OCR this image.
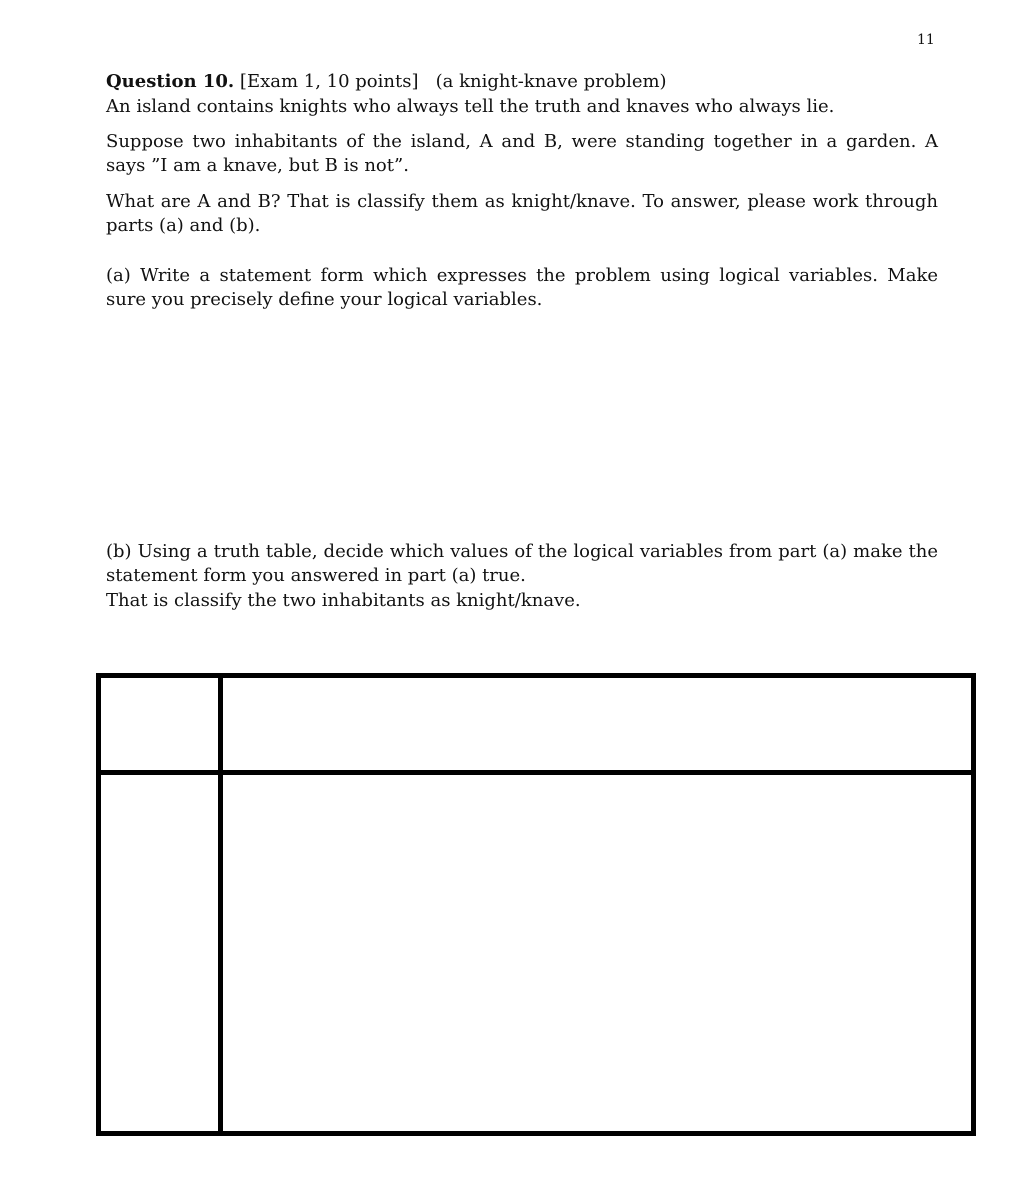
11

Question 10. [Exam 1, 10 points]   (a knight-knave problem)

An island contains knights who always tell the truth and knaves who always lie.

Suppose two inhabitants of the island, A and B, were standing together in a garden. A says ”I am a knave, but B is not”.

What are A and B? That is classify them as knight/knave. To answer, please work through parts (a) and (b).

(a) Write a statement form which expresses the problem using logical variables. Make sure you precisely define your logical variables.

(b) Using a truth table, decide which values of the logical variables from part (a) make the statement form you answered in part (a) true.

That is classify the two inhabitants as knight/knave.
